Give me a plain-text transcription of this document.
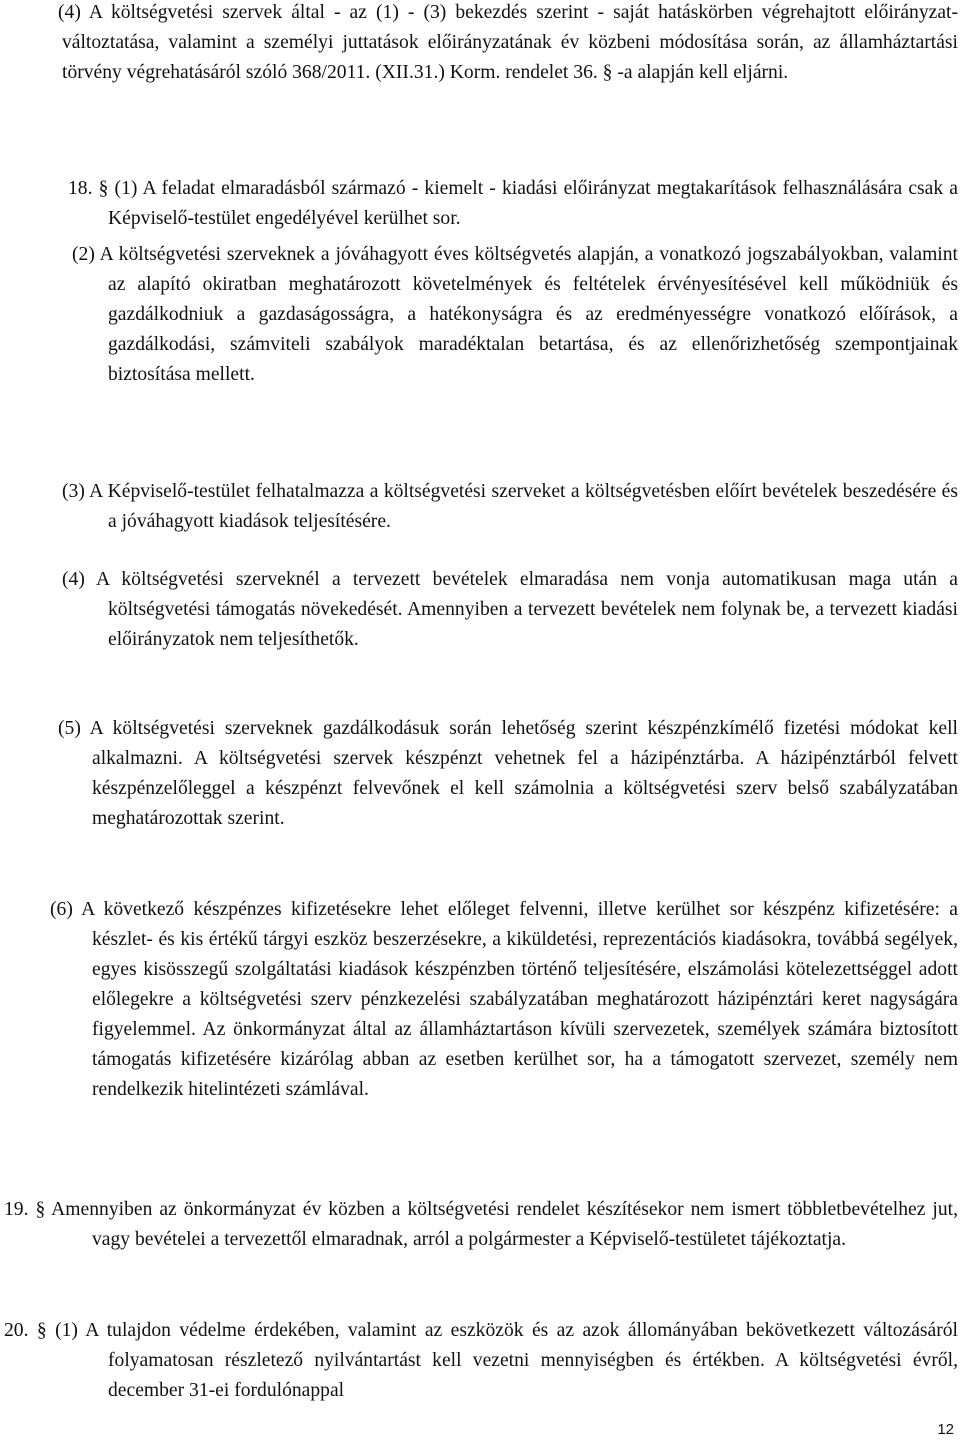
(4) A költségvetési szervek által - az (1) - (3) bekezdés szerint - saját hatáskörben végrehajtott előirányzat-változtatása, valamint a személyi juttatások előirányzatának év közbeni módosítása során, az államháztartási törvény végrehatásáról szóló 368/2011. (XII.31.) Korm. rendelet 36. § -a alapján kell eljárni.
18. § (1) A feladat elmaradásból származó - kiemelt - kiadási előirányzat megtakarítások felhasználására csak a Képviselő-testület engedélyével kerülhet sor.
(2) A költségvetési szerveknek a jóváhagyott éves költségvetés alapján, a vonatkozó jogszabályokban, valamint az alapító okiratban meghatározott követelmények és feltételek érvényesítésével kell működniük és gazdálkodniuk a gazdaságosságra, a hatékonyságra és az eredményességre vonatkozó előírások, a gazdálkodási, számviteli szabályok maradéktalan betartása, és az ellenőrizhetőség szempontjainak biztosítása mellett.
(3) A Képviselő-testület felhatalmazza a költségvetési szerveket a költségvetésben előírt bevételek beszedésére és a jóváhagyott kiadások teljesítésére.
(4) A költségvetési szerveknél a tervezett bevételek elmaradása nem vonja automatikusan maga után a költségvetési támogatás növekedését. Amennyiben a tervezett bevételek nem folynak be, a tervezett kiadási előirányzatok nem teljesíthetők.
(5) A költségvetési szerveknek gazdálkodásuk során lehetőség szerint készpénzkímélő fizetési módokat kell alkalmazni. A költségvetési szervek készpénzt vehetnek fel a házipénztárba. A házipénztárból felvett készpénzelőleggel a készpénzt felvevőnek el kell számolnia a költségvetési szerv belső szabályzatában meghatározottak szerint.
(6) A következő készpénzes kifizetésekre lehet előleget felvenni, illetve kerülhet sor készpénz kifizetésére: a készlet- és kis értékű tárgyi eszköz beszerzésekre, a kiküldetési, reprezentációs kiadásokra, továbbá segélyek, egyes kisösszegű szolgáltatási kiadások készpénzben történő teljesítésére, elszámolási kötelezettséggel adott előlegekre a költségvetési szerv pénzkezelési szabályzatában meghatározott házipénztári keret nagyságára figyelemmel. Az önkormányzat által az államháztartáson kívüli szervezetek, személyek számára biztosított támogatás kifizetésére kizárólag abban az esetben kerülhet sor, ha a támogatott szervezet, személy nem rendelkezik hitelintézeti számlával.
19. § Amennyiben az önkormányzat év közben a költségvetési rendelet készítésekor nem ismert többletbevételhez jut, vagy bevételei a tervezettől elmaradnak, arról a polgármester a Képviselő-testületet tájékoztatja.
20. § (1) A tulajdon védelme érdekében, valamint az eszközök és az azok állományában bekövetkezett változásáról folyamatosan részletező nyilvántartást kell vezetni mennyiségben és értékben. A költségvetési évről, december 31-ei fordulónappal
12
